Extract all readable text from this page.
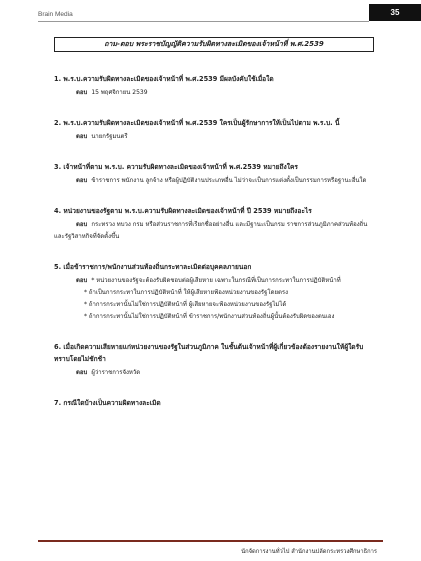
Brain Media	35
ถาม-ตอบ พระราชบัญญัติความรับผิดทางละเมิดของเจ้าหน้าที่ พ.ศ.2539

1. พ.ร.บ.ความรับผิดทางละเมิดของเจ้าหน้าที่ พ.ศ.2539 มีผลบังคับใช้เมื่อใด

ตอบ 15 พฤศจิกายน 2539

2. พ.ร.บ.ความรับผิดทางละเมิดของเจ้าหน้าที่ พ.ศ.2539 ใครเป็นผู้รักษาการให้เป็นไปตาม พ.ร.บ. นี้

ตอบ นายกรัฐมนตรี

3. เจ้าหน้าที่ตาม พ.ร.บ. ความรับผิดทางละเมิดของเจ้าหน้าที่ พ.ศ.2539 หมายถึงใคร

ตอบ ข้าราชการ พนักงาน ลูกจ้าง หรือผู้ปฏิบัติงานประเภทอื่น ไม่ว่าจะเป็นการแต่งตั้งเป็นกรรมการหรือฐานะอื่นใด

4. หน่วยงานของรัฐตาม พ.ร.บ.ความรับผิดทางละเมิดของเจ้าหน้าที่ ปี 2539 หมายถึงอะไร

ตอบ กระทรวง ทบวง กรม หรือส่วนราชการที่เรียกชื่ออย่างอื่น และมีฐานะเป็นกรม ราชการส่วนภูมิภาคส่วนท้องถิ่นและรัฐวิสาหกิจที่จัดตั้งขึ้น

5. เมื่อข้าราชการ/พนักงานส่วนท้องถิ่นกระทาละเมิดต่อบุคคลภายนอก

ตอบ * หน่วยงานของรัฐจะต้องรับผิดชอบต่อผู้เสียหาย เฉพาะในกรณีที่เป็นการกระทาในการปฏิบัติหน้าที่

* ถ้าเป็นการกระทาในการปฏิบัติหน้าที่ ให้ผู้เสียหายฟ้องหน่วยงานของรัฐโดยตรง

* ถ้าการกระทานั้นไม่ใช่การปฏิบัติหน้าที่ ผู้เสียหายจะฟ้องหน่วยงานของรัฐไม่ได้

* ถ้าการกระทานั้นไม่ใช่การปฏิบัติหน้าที่ ข้าราชการ/พนักงานส่วนท้องถิ่นผู้นั้นต้องรับผิดของตนเอง

6. เมื่อเกิดความเสียหายแก่หน่วยงานของรัฐในส่วนภูมิภาค ในชั้นต้นเจ้าหน้าที่ผู้เกี่ยวข้องต้องรายงานให้ผู้ใดรับทราบโดยไม่ชักช้า

ตอบ ผู้ว่าราชการจังหวัด

7. กรณีใดบ้างเป็นความผิดทางละเมิด

นักจัดการงานทั่วไป สำนักงานปลัดกระทรวงศึกษาธิการ
